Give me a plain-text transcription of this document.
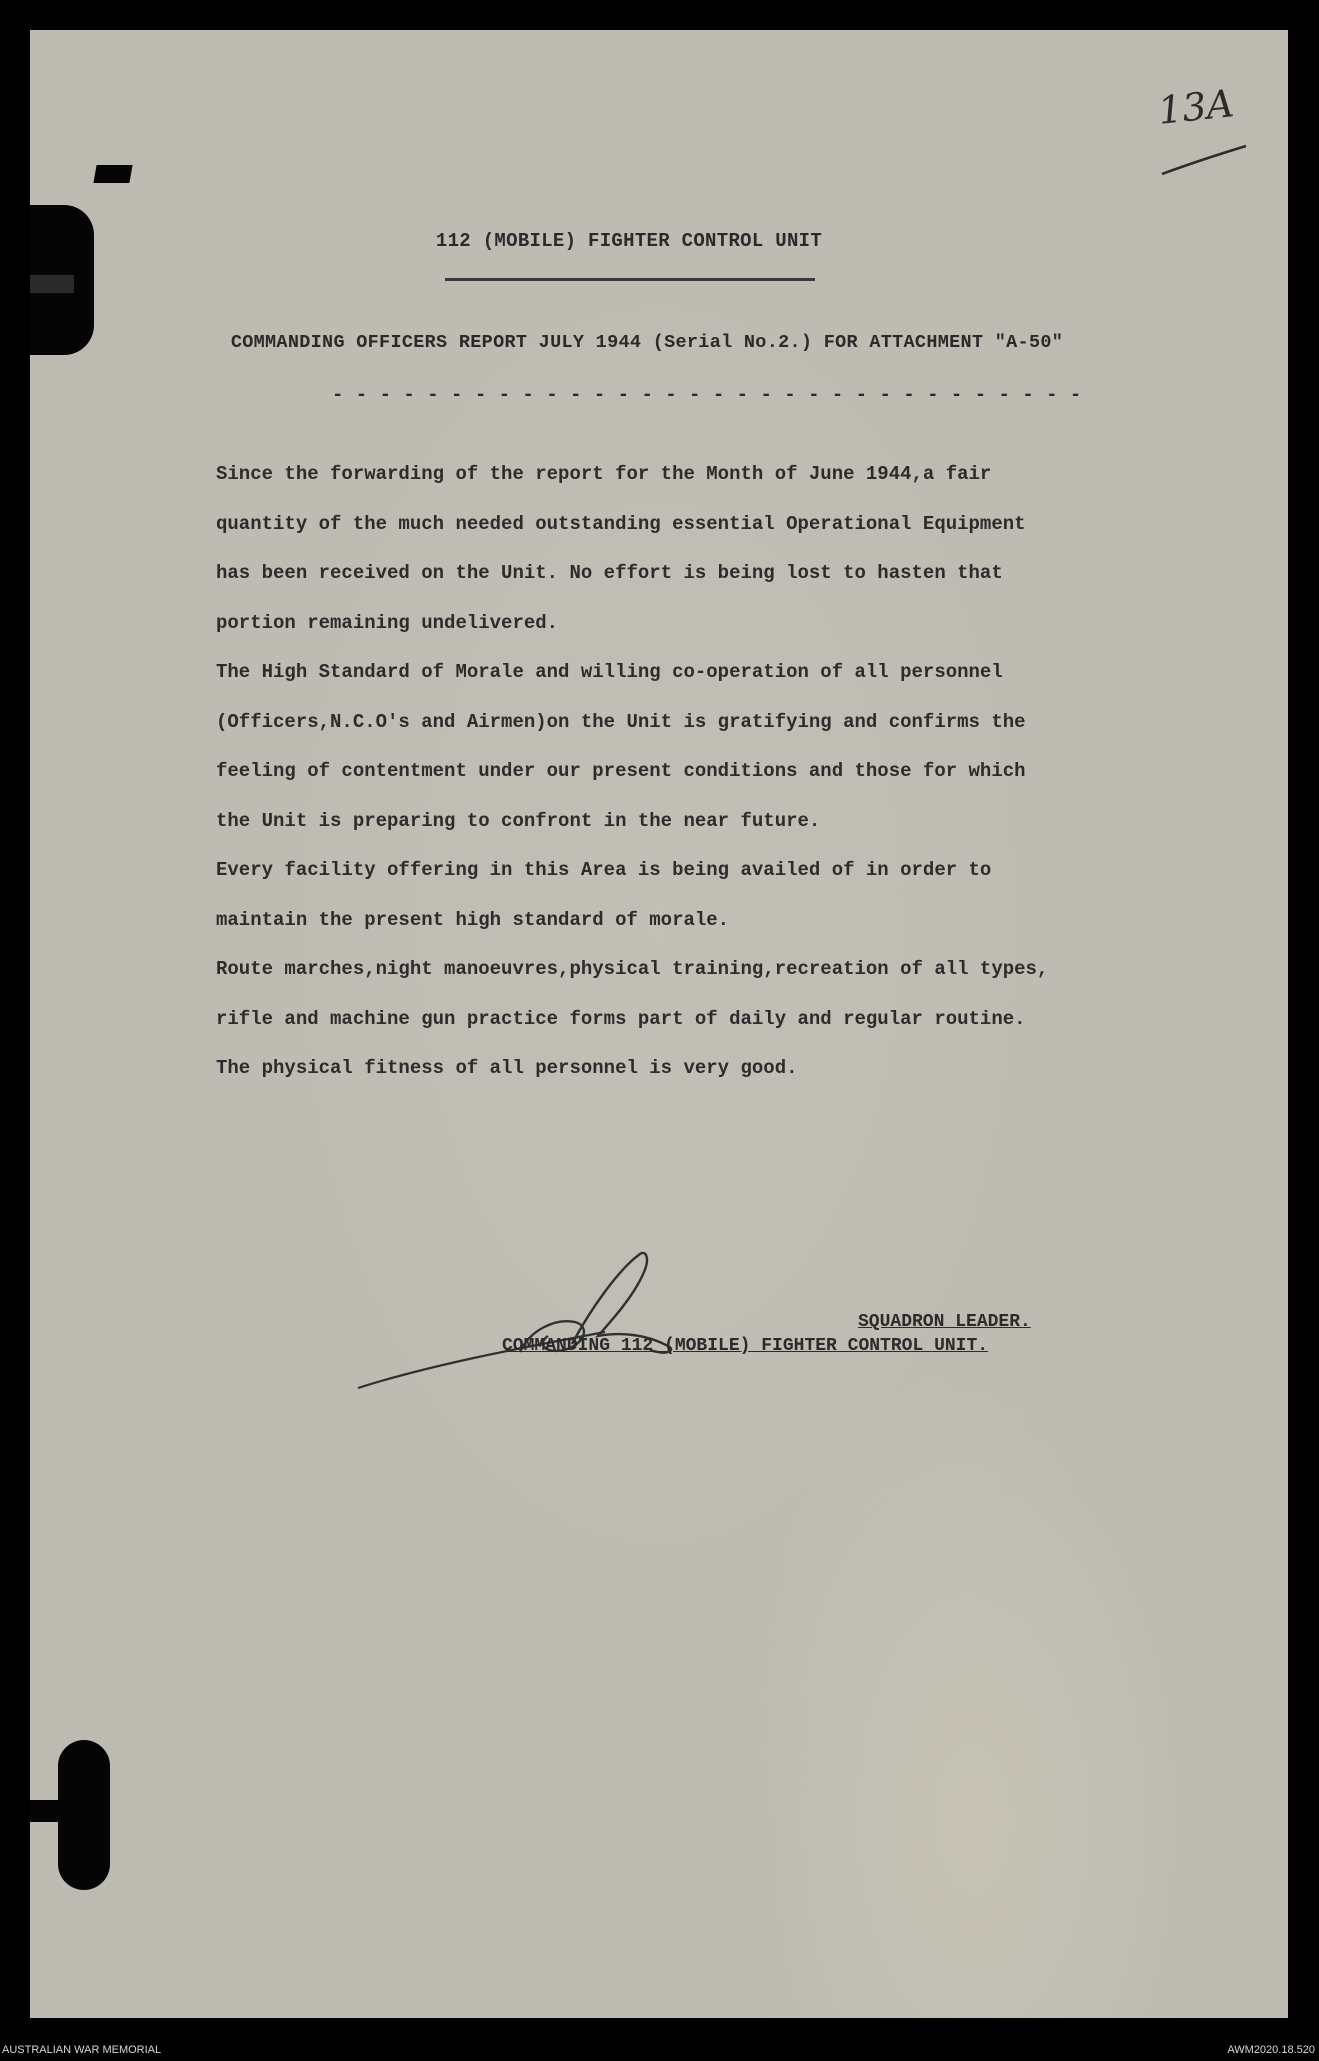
13A
112 (MOBILE) FIGHTER CONTROL UNIT
COMMANDING OFFICERS REPORT JULY 1944 (Serial No.2.) FOR ATTACHMENT "A-50"
- - - - - - - - - - - - - - - - - - - - - - - - - - - - - - - -
Since the forwarding of the report for the Month of June 1944,a fair
quantity of the much needed outstanding essential Operational Equipment
has been received on the Unit. No effort is being lost to hasten that
portion remaining undelivered.
The High Standard of Morale and willing co-operation of all personnel
(Officers,N.C.O's and Airmen)on the Unit is gratifying and confirms the
feeling of contentment under our present conditions and those for which
the Unit is preparing to confront in the near future.
Every facility offering in this Area is being availed of in order to
maintain the present high standard of morale.
Route marches,night manoeuvres,physical training,recreation of all types,
rifle and machine gun practice forms part of daily and regular routine.
The physical fitness of all personnel is very good.
SQUADRON LEADER.
COMMANDING 112 (MOBILE) FIGHTER CONTROL UNIT.
AUSTRALIAN WAR MEMORIAL	AWM2020.18.520
